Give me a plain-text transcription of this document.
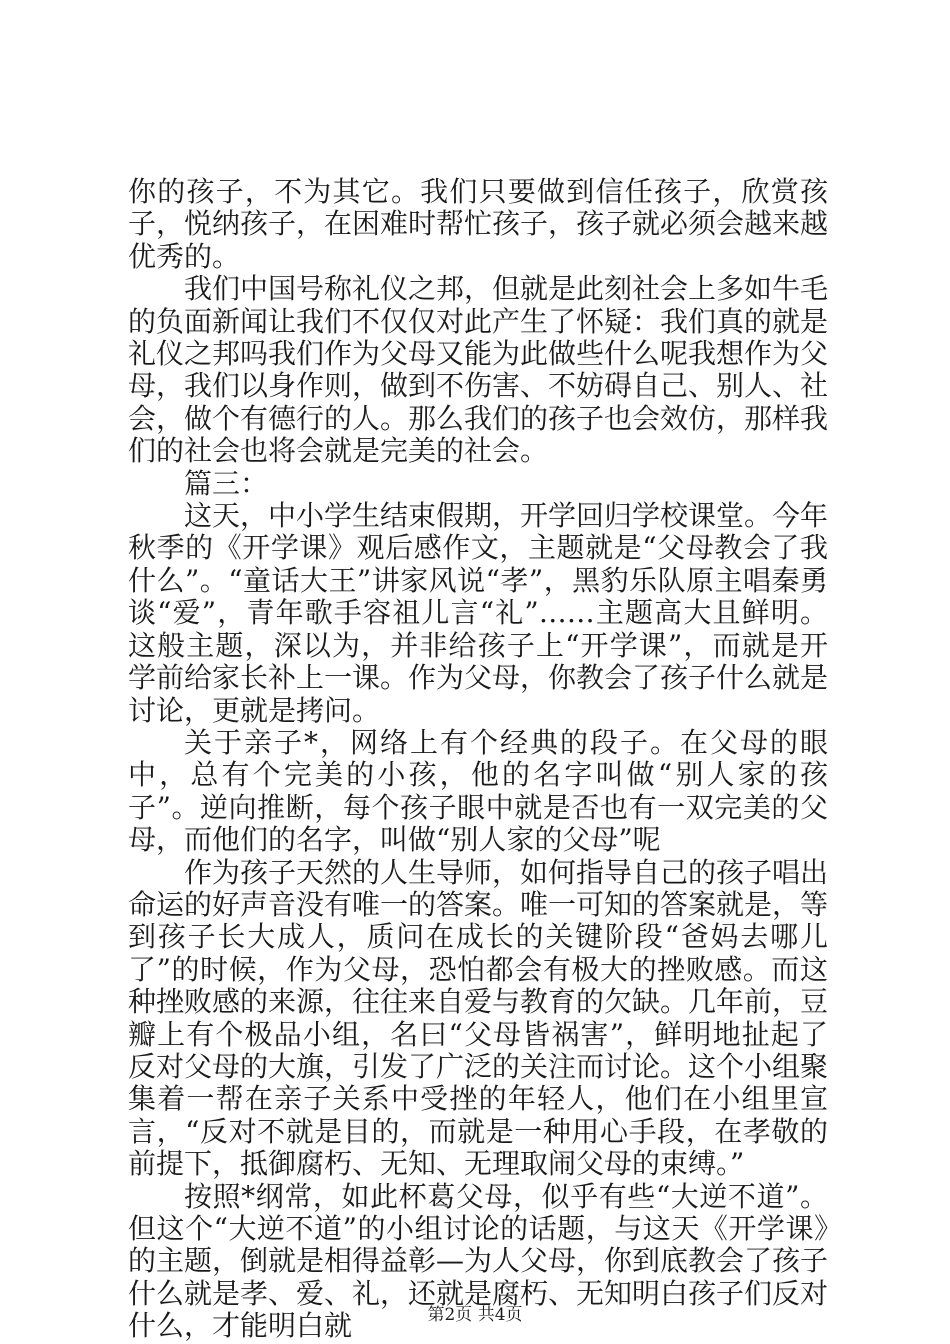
你的孩子，不为其它。我们只要做到信任孩子，欣赏孩子，悦纳孩子，在困难时帮忙孩子，孩子就必须会越来越优秀的。

我们中国号称礼仪之邦，但就是此刻社会上多如牛毛的负面新闻让我们不仅仅对此产生了怀疑：我们真的就是礼仪之邦吗我们作为父母又能为此做些什么呢我想作为父母，我们以身作则，做到不伤害、不妨碍自己、别人、社会，做个有德行的人。那么我们的孩子也会效仿，那样我们的社会也将会就是完美的社会。

篇三：

这天，中小学生结束假期，开学回归学校课堂。今年秋季的《开学课》观后感作文，主题就是“父母教会了我什么”。“童话大王”讲家风说“孝”，黑豹乐队原主唱秦勇谈“爱”，青年歌手容祖儿言“礼”……主题高大且鲜明。这般主题，深以为，并非给孩子上“开学课”，而就是开学前给家长补上一课。作为父母，你教会了孩子什么就是讨论，更就是拷问。

关于亲子*，网络上有个经典的段子。在父母的眼中，总有个完美的小孩，他的名字叫做“别人家的孩子”。逆向推断，每个孩子眼中就是否也有一双完美的父母，而他们的名字，叫做“别人家的父母”呢

作为孩子天然的人生导师，如何指导自己的孩子唱出命运的好声音没有唯一的答案。唯一可知的答案就是，等到孩子长大成人，质问在成长的关键阶段“爸妈去哪儿了”的时候，作为父母，恐怕都会有极大的挫败感。而这种挫败感的来源，往往来自爱与教育的欠缺。几年前，豆瓣上有个极品小组，名曰“父母皆祸害”，鲜明地扯起了反对父母的大旗，引发了广泛的关注而讨论。这个小组聚集着一帮在亲子关系中受挫的年轻人，他们在小组里宣言，“反对不就是目的，而就是一种用心手段，在孝敬的前提下，抵御腐朽、无知、无理取闹父母的束缚。”

按照*纲常，如此杯葛父母，似乎有些“大逆不道”。但这个“大逆不道”的小组讨论的话题，与这天《开学课》的主题，倒就是相得益彰—为人父母，你到底教会了孩子什么就是孝、爱、礼，还就是腐朽、无知明白孩子们反对什么，才能明白就	第2页 共4页
